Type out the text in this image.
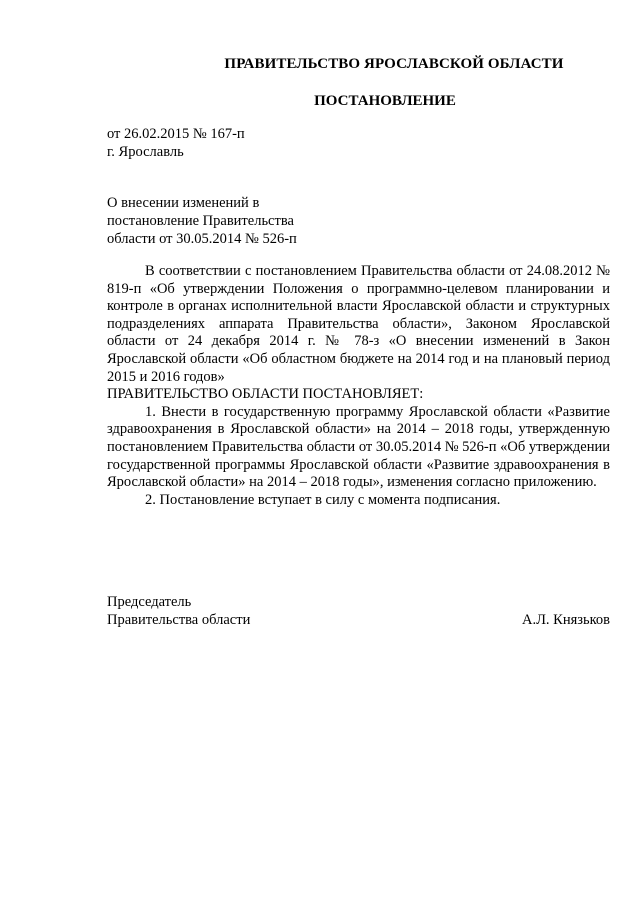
ПРАВИТЕЛЬСТВО ЯРОСЛАВСКОЙ ОБЛАСТИ
ПОСТАНОВЛЕНИЕ
от 26.02.2015 № 167-п
г. Ярославль
О внесении изменений в
постановление Правительства
области от 30.05.2014 № 526-п

В соответствии с постановлением Правительства области от 24.08.2012 № 819-п «Об утверждении Положения о программно-целевом планировании и контроле в органах исполнительной власти Ярославской области и структурных подразделениях аппарата Правительства области», Законом Ярославской области от 24 декабря 2014 г. № 78-з «О внесении изменений в Закон Ярославской области «Об областном бюджете на 2014 год и на плановый период 2015 и 2016 годов»

ПРАВИТЕЛЬСТВО ОБЛАСТИ ПОСТАНОВЛЯЕТ:

1. Внести в государственную программу Ярославской области «Развитие здравоохранения в Ярославской области» на 2014 – 2018 годы, утвержденную постановлением Правительства области от 30.05.2014 № 526-п «Об утверждении государственной программы Ярославской области «Развитие здравоохранения в Ярославской области» на 2014 – 2018 годы», изменения согласно приложению.

2. Постановление вступает в силу с момента подписания.

Председатель
Правительства области	А.Л. Князьков
